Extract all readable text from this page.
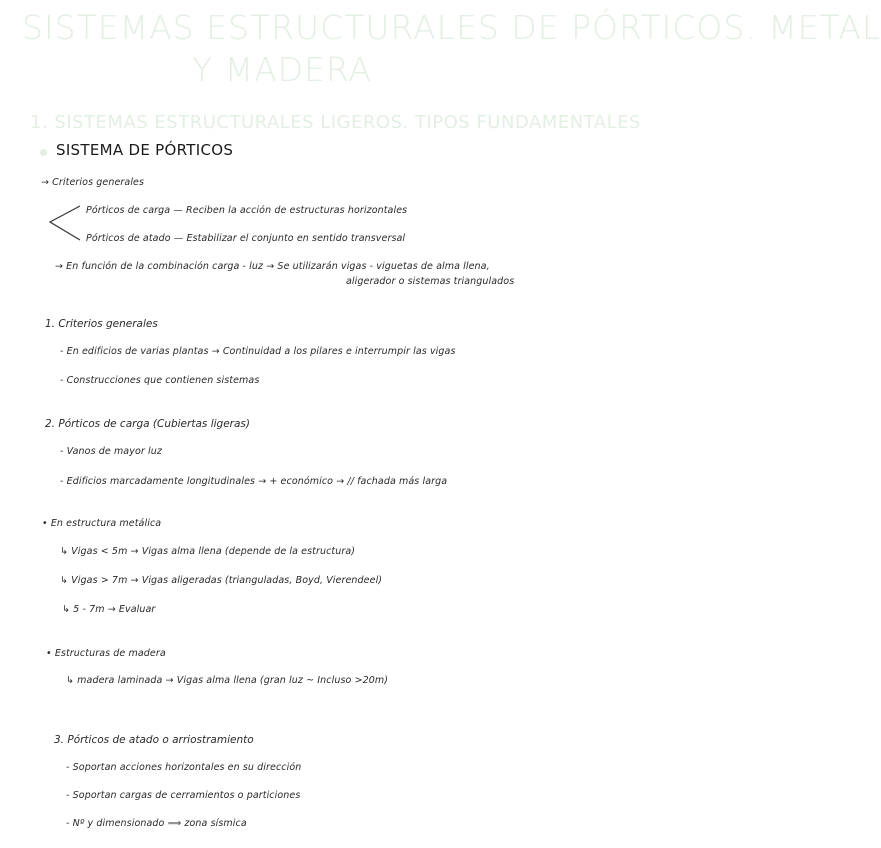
SISTEMAS ESTRUCTURALES DE PÓRTICOS. METAL
Y MADERA
1. SISTEMAS ESTRUCTURALES LIGEROS. TIPOS FUNDAMENTALES
SISTEMA DE PÓRTICOS
→ Criterios generales
Pórticos de carga — Reciben la acción de estructuras horizontales
Pórticos de atado — Estabilizar el conjunto en sentido transversal
→ En función de la combinación carga - luz → Se utilizarán vigas - viguetas de alma llena,
aligerador o sistemas triangulados
1. Criterios generales
- En edificios de varias plantas → Continuidad a los pilares e interrumpir las vigas
- Construcciones que contienen sistemas
2. Pórticos de carga (Cubiertas ligeras)
- Vanos de mayor luz
- Edificios marcadamente longitudinales → + económico → // fachada más larga
• En estructura metálica
↳ Vigas < 5m → Vigas alma llena (depende de la estructura)
↳ Vigas > 7m → Vigas aligeradas (trianguladas, Boyd, Vierendeel)
↳ 5 - 7m → Evaluar
• Estructuras de madera
↳ madera laminada → Vigas alma llena (gran luz ~ Incluso >20m)
3. Pórticos de atado o arriostramiento
- Soportan acciones horizontales en su dirección
- Soportan cargas de cerramientos o particiones
- Nº y dimensionado ⟹ zona sísmica
